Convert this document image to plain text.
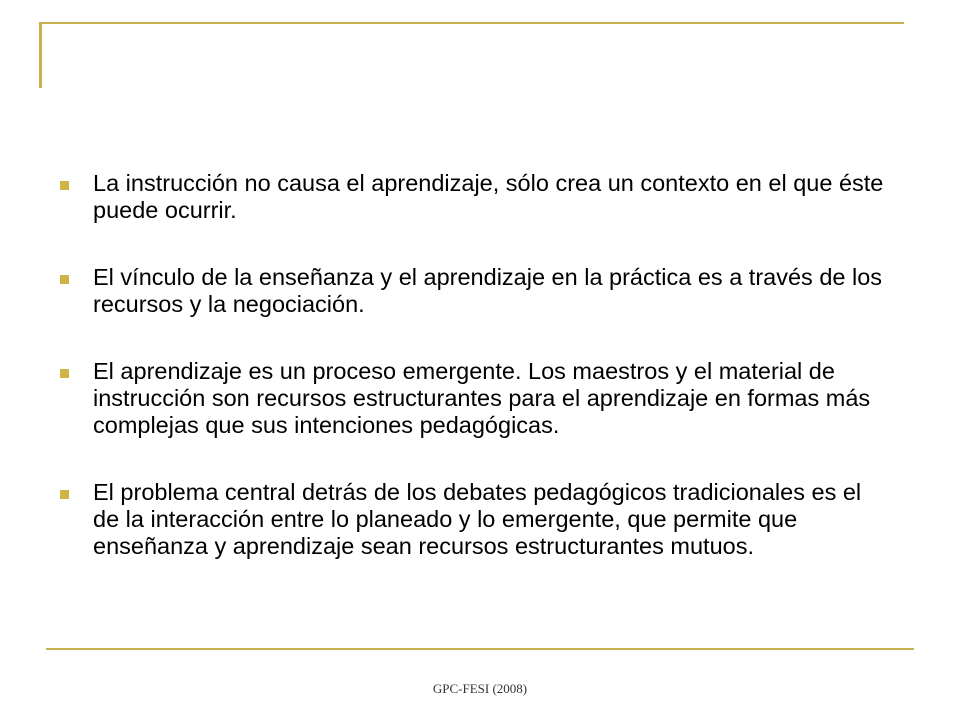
La instrucción no causa el aprendizaje, sólo crea un contexto en el que éste puede ocurrir.
El vínculo de la enseñanza y el aprendizaje en la práctica es a través de los recursos y la negociación.
El aprendizaje es un proceso emergente. Los maestros y el material de instrucción son recursos estructurantes para el aprendizaje en formas más complejas que sus intenciones pedagógicas.
El problema central detrás de los debates pedagógicos tradicionales es el de la interacción entre lo planeado y lo emergente, que permite que enseñanza y aprendizaje sean recursos estructurantes mutuos.
GPC-FESI (2008)
